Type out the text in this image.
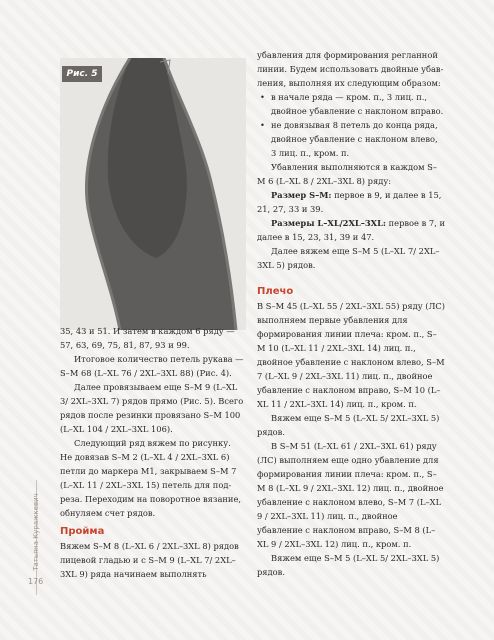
Татьяна Куражкевич
176
Рис. 5

убавления для формирования регланной линии. Будем использовать двойные убавления, выполняя их следующим образом:

• в начале ряда — кром. п., 3 лиц. п., двойное убавление с наклоном вправо.
• не довязывая 8 петель до конца ряда, двойное убавление с наклоном влево, 3 лиц. п., кром. п.

Убавления выполняются в каждом S–M 6 (L–XL 8 / 2XL–3XL 8) ряду:

Размер S–M: первое в 9, и далее в 15, 21, 27, 33 и 39.

Размеры L–XL/2XL–3XL: первое в 7, и далее в 15, 23, 31, 39 и 47.

Далее вяжем еще S–M 5 (L–XL 7/ 2XL–3XL 5) рядов.

Плечо

В S–M 45 (L–XL 55 / 2XL–3XL 55) ряду (ЛС) выполняем первые убавления для формирования линии плеча: кром. п., S–M 10 (L–XL 11 / 2XL–3XL 14) лиц. п., двойное убавление с наклоном влево, S–M 7 (L–XL 9 / 2XL–3XL 11) лиц. п., двойное убавление с наклоном вправо, S–M 10 (L–XL 11 / 2XL–3XL 14) лиц. п., кром. п.

Вяжем еще S–M 5 (L–XL 5/ 2XL–3XL 5) рядов.

В S–M 51 (L–XL 61 / 2XL–3XL 61) ряду (ЛС) выполняем еще одно убавление для формирования линии плеча: кром. п., S–M 8 (L–XL 9 / 2XL–3XL 12) лиц. п., двойное убавление с наклоном влево, S–M 7 (L–XL 9 / 2XL–3XL 11) лиц. п., двойное убавление с наклоном вправо, S–M 8 (L–XL 9 / 2XL–3XL 12) лиц. п., кром. п.

Вяжем еще S–M 5 (L–XL 5/ 2XL–3XL 5) рядов.

35, 43 и 51. И затем в каждом 6 ряду — 57, 63, 69, 75, 81, 87, 93 и 99.

Итоговое количество петель рукава — S–M 68 (L–XL 76 / 2XL–3XL 88) (Рис. 4).

Далее провязываем еще S–M 9 (L–XL 3/ 2XL–3XL 7) рядов прямо (Рис. 5). Всего рядов после резинки провязано S–M 100 (L–XL 104 / 2XL–3XL 106).

Следующий ряд вяжем по рисунку. Не довязав S–M 2 (L–XL 4 / 2XL–3XL 6) петли до маркера М1, закрываем S–M 7 (L–XL 11 / 2XL–3XL 15) петель для подреза. Переходим на поворотное вязание, обнуляем счет рядов.

Пройма

Вяжем S–M 8 (L–XL 6 / 2XL–3XL 8) рядов лицевой гладью и с S–M 9 (L–XL 7/ 2XL–3XL 9) ряда начинаем выполнять
